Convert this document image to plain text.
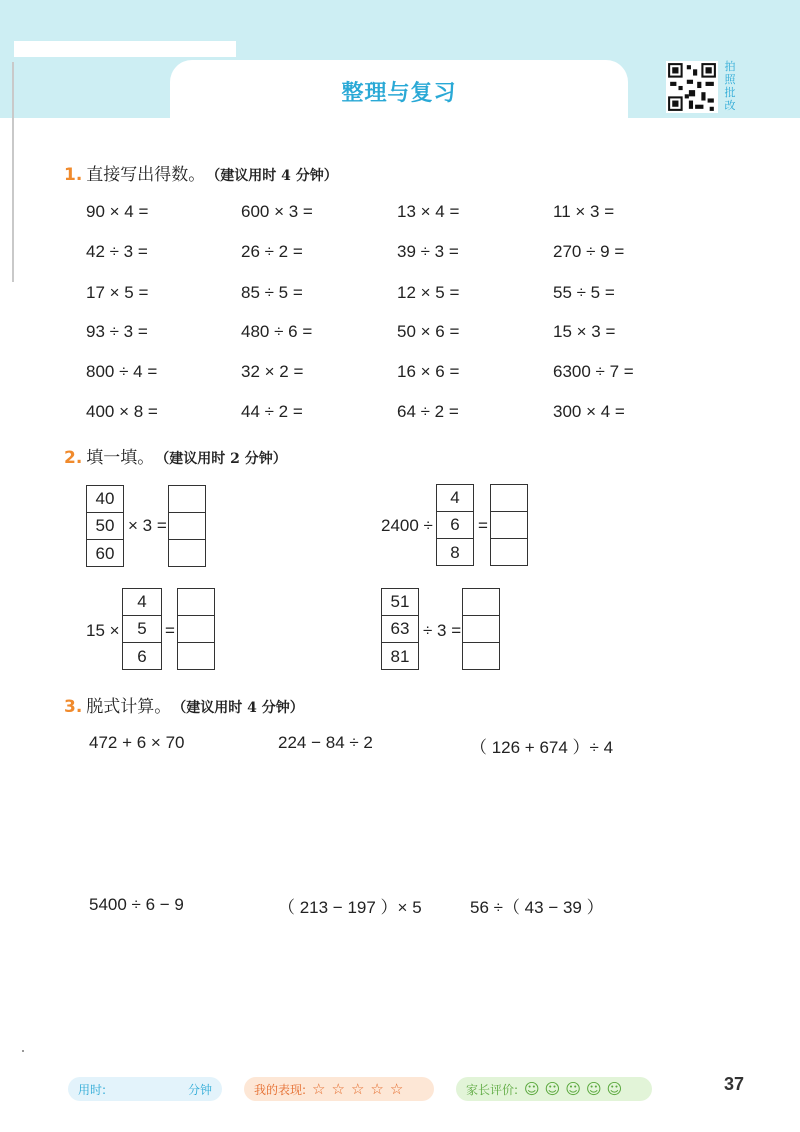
整理与复习
拍
照
批
改
1. 直接写出得数。 （建议用时 4 分钟）
90 × 4 =	600 × 3 =	13 × 4 =	11 × 3 =
42 ÷ 3 =	26 ÷ 2 =	39 ÷ 3 =	270 ÷ 9 =
17 × 5 =	85 ÷ 5 =	12 × 5 =	55 ÷ 5 =
93 ÷ 3 =	480 ÷ 6 =	50 × 6 =	15 × 3 =
800 ÷ 4 =	32 × 2 =	16 × 6 =	6300 ÷ 7 =
400 × 8 =	44 ÷ 2 =	64 ÷ 2 =	300 × 4 =
2. 填一填。 （建议用时 2 分钟）
40
50
60
× 3 =	2400 ÷
4
6
8
=
15 ×
4
5
6
=
51
63
81
÷ 3 =
3. 脱式计算。 （建议用时 4 分钟）
472 + 6 × 70	224 − 84 ÷ 2	（ 126 + 674 ）÷ 4
5400 ÷ 6 − 9	（ 213 − 197 ）× 5	56 ÷（ 43 − 39 ）
用时:	分钟	我的表现: ☆☆☆☆☆	家长评价: ☺☺☺☺☺	37
